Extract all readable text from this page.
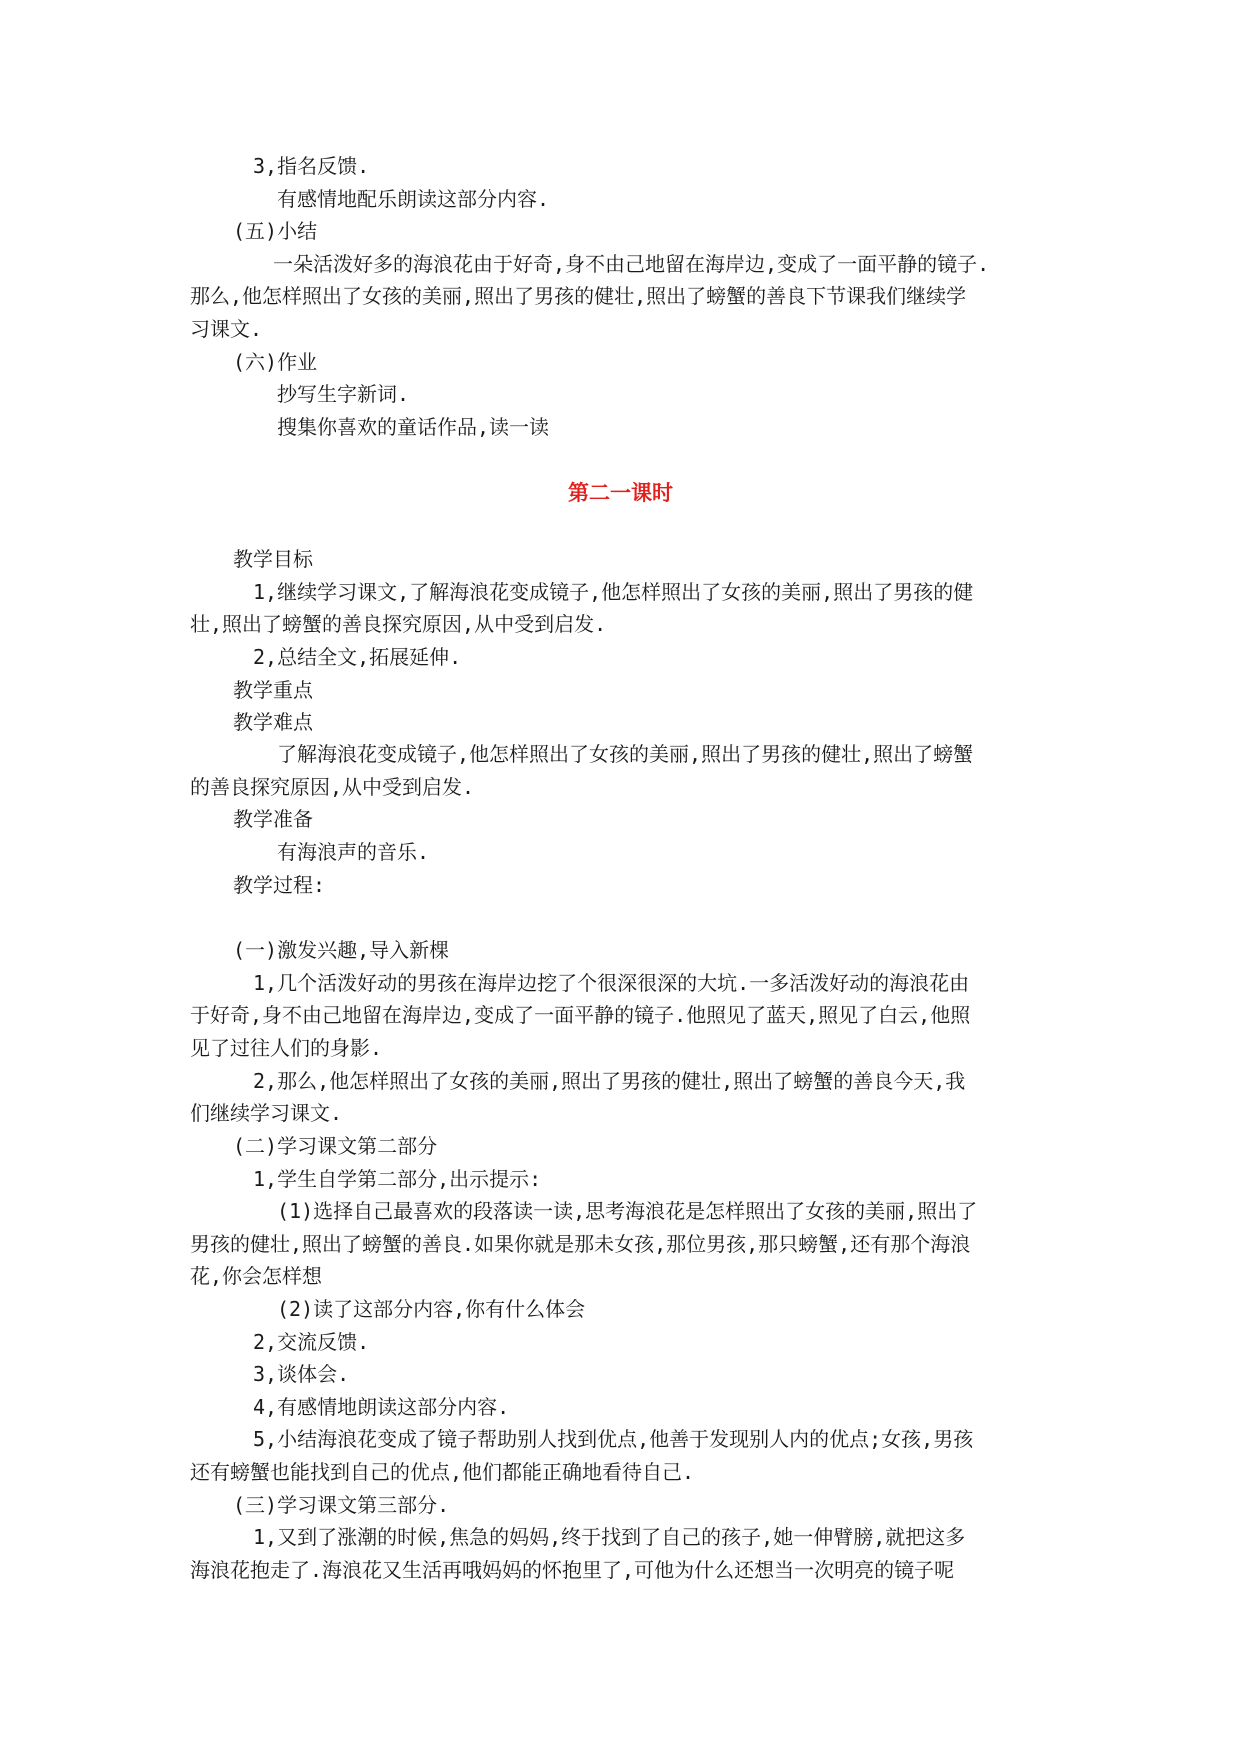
3,指名反馈.
有感情地配乐朗读这部分内容.
(五)小结
一朵活泼好多的海浪花由于好奇,身不由己地留在海岸边,变成了一面平静的镜子.
那么,他怎样照出了女孩的美丽,照出了男孩的健壮,照出了螃蟹的善良下节课我们继续学
习课文.
(六)作业
抄写生字新词.
搜集你喜欢的童话作品,读一读
第二一课时
教学目标
1,继续学习课文,了解海浪花变成镜子,他怎样照出了女孩的美丽,照出了男孩的健
壮,照出了螃蟹的善良探究原因,从中受到启发.
2,总结全文,拓展延伸.
教学重点
教学难点
了解海浪花变成镜子,他怎样照出了女孩的美丽,照出了男孩的健壮,照出了螃蟹
的善良探究原因,从中受到启发.
教学准备
有海浪声的音乐.
教学过程:
(一)激发兴趣,导入新棵
1,几个活泼好动的男孩在海岸边挖了个很深很深的大坑.一多活泼好动的海浪花由
于好奇,身不由己地留在海岸边,变成了一面平静的镜子.他照见了蓝天,照见了白云,他照
见了过往人们的身影.
2,那么,他怎样照出了女孩的美丽,照出了男孩的健壮,照出了螃蟹的善良今天,我
们继续学习课文.
(二)学习课文第二部分
1,学生自学第二部分,出示提示:
(1)选择自己最喜欢的段落读一读,思考海浪花是怎样照出了女孩的美丽,照出了
男孩的健壮,照出了螃蟹的善良.如果你就是那未女孩,那位男孩,那只螃蟹,还有那个海浪
花,你会怎样想
(2)读了这部分内容,你有什么体会
2,交流反馈.
3,谈体会.
4,有感情地朗读这部分内容.
5,小结海浪花变成了镜子帮助别人找到优点,他善于发现别人内的优点;女孩,男孩
还有螃蟹也能找到自己的优点,他们都能正确地看待自己.
(三)学习课文第三部分.
1,又到了涨潮的时候,焦急的妈妈,终于找到了自己的孩子,她一伸臂膀,就把这多
海浪花抱走了.海浪花又生活再哦妈妈的怀抱里了,可他为什么还想当一次明亮的镜子呢
